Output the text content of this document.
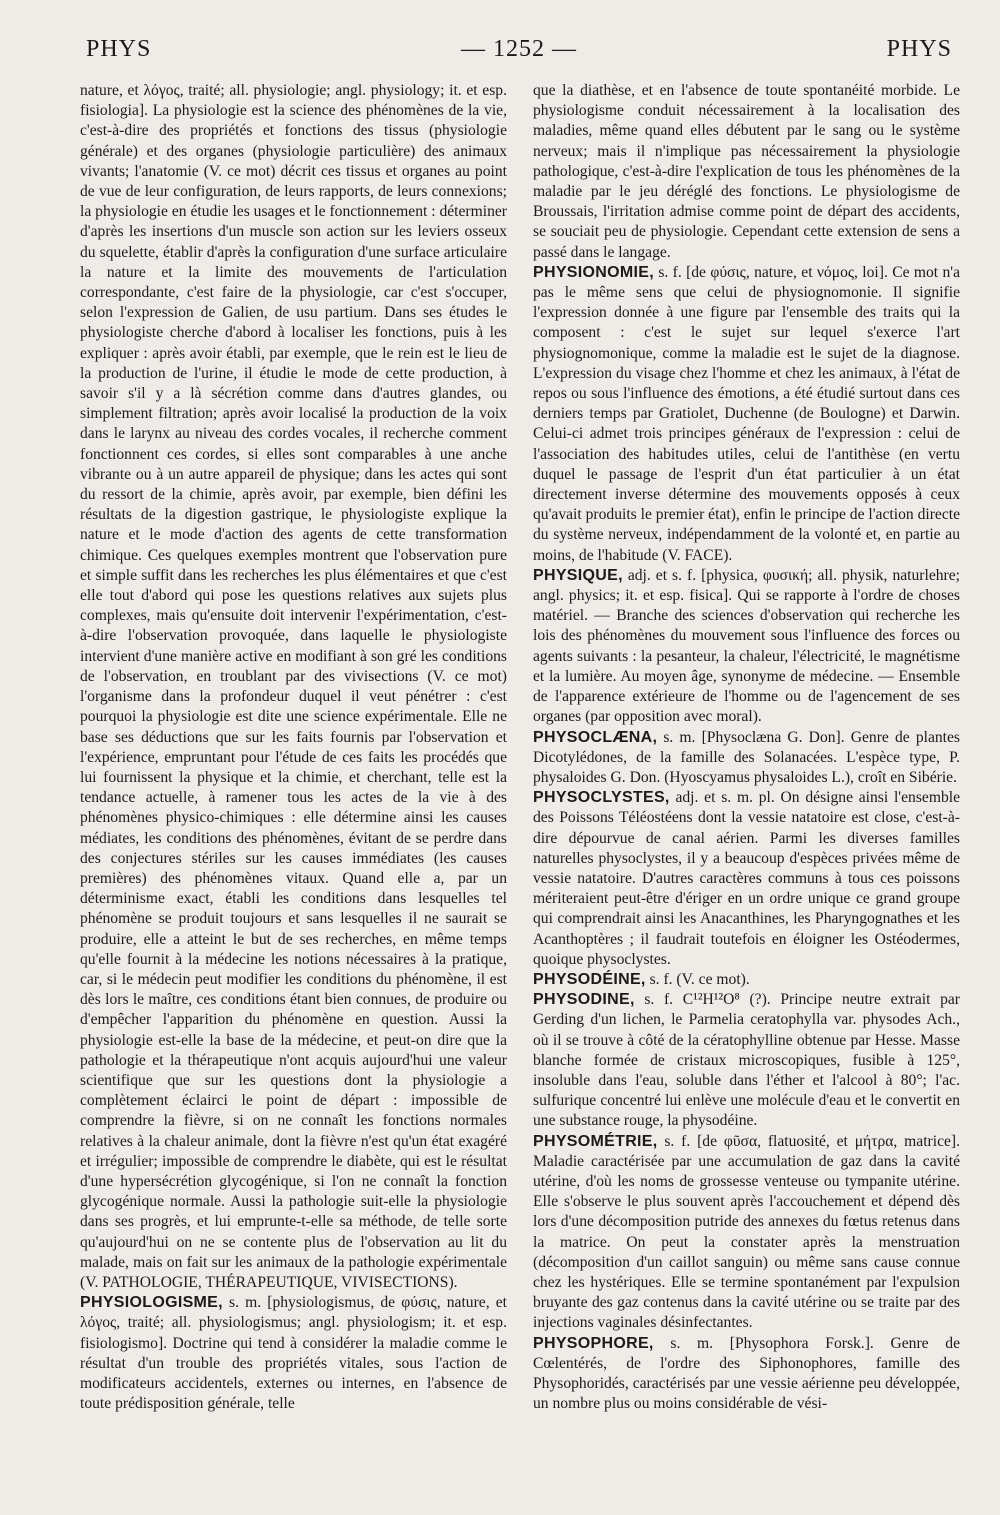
PHYS	— 1252 —	PHYS

nature, et λόγος, traité; all. physiologie; angl. physiology; it. et esp. fisiologia]. La physiologie est la science des phénomènes de la vie, c'est-à-dire des propriétés et fonctions des tissus (physiologie générale) et des organes (physiologie particulière) des animaux vivants; l'anatomie (V. ce mot) décrit ces tissus et organes au point de vue de leur configuration, de leurs rapports, de leurs connexions; la physiologie en étudie les usages et le fonctionnement : déterminer d'après les insertions d'un muscle son action sur les leviers osseux du squelette, établir d'après la configuration d'une surface articulaire la nature et la limite des mouvements de l'articulation correspondante, c'est faire de la physiologie, car c'est s'occuper, selon l'expression de Galien, de usu partium. Dans ses études le physiologiste cherche d'abord à localiser les fonctions, puis à les expliquer : après avoir établi, par exemple, que le rein est le lieu de la production de l'urine, il étudie le mode de cette production, à savoir s'il y a là sécrétion comme dans d'autres glandes, ou simplement filtration; après avoir localisé la production de la voix dans le larynx au niveau des cordes vocales, il recherche comment fonctionnent ces cordes, si elles sont comparables à une anche vibrante ou à un autre appareil de physique; dans les actes qui sont du ressort de la chimie, après avoir, par exemple, bien défini les résultats de la digestion gastrique, le physiologiste explique la nature et le mode d'action des agents de cette transformation chimique. Ces quelques exemples montrent que l'observation pure et simple suffit dans les recherches les plus élémentaires et que c'est elle tout d'abord qui pose les questions relatives aux sujets plus complexes, mais qu'ensuite doit intervenir l'expérimentation, c'est-à-dire l'observation provoquée, dans laquelle le physiologiste intervient d'une manière active en modifiant à son gré les conditions de l'observation, en troublant par des vivisections (V. ce mot) l'organisme dans la profondeur duquel il veut pénétrer : c'est pourquoi la physiologie est dite une science expérimentale. Elle ne base ses déductions que sur les faits fournis par l'observation et l'expérience, empruntant pour l'étude de ces faits les procédés que lui fournissent la physique et la chimie, et cherchant, telle est la tendance actuelle, à ramener tous les actes de la vie à des phénomènes physico-chimiques : elle détermine ainsi les causes médiates, les conditions des phénomènes, évitant de se perdre dans des conjectures stériles sur les causes immédiates (les causes premières) des phénomènes vitaux. Quand elle a, par un déterminisme exact, établi les conditions dans lesquelles tel phénomène se produit toujours et sans lesquelles il ne saurait se produire, elle a atteint le but de ses recherches, en même temps qu'elle fournit à la médecine les notions nécessaires à la pratique, car, si le médecin peut modifier les conditions du phénomène, il est dès lors le maître, ces conditions étant bien connues, de produire ou d'empêcher l'apparition du phénomène en question. Aussi la physiologie est-elle la base de la médecine, et peut-on dire que la pathologie et la thérapeutique n'ont acquis aujourd'hui une valeur scientifique que sur les questions dont la physiologie a complètement éclairci le point de départ : impossible de comprendre la fièvre, si on ne connaît les fonctions normales relatives à la chaleur animale, dont la fièvre n'est qu'un état exagéré et irrégulier; impossible de comprendre le diabète, qui est le résultat d'une hypersécrétion glycogénique, si l'on ne connaît la fonction glycogénique normale. Aussi la pathologie suit-elle la physiologie dans ses progrès, et lui emprunte-t-elle sa méthode, de telle sorte qu'aujourd'hui on ne se contente plus de l'observation au lit du malade, mais on fait sur les animaux de la pathologie expérimentale (V. PATHOLOGIE, THÉRAPEUTIQUE, VIVISECTIONS).

PHYSIOLOGISME, s. m. [physiologismus, de φύσις, nature, et λόγος, traité; all. physiologismus; angl. physiologism; it. et esp. fisiologismo]. Doctrine qui tend à considérer la maladie comme le résultat d'un trouble des propriétés vitales, sous l'action de modificateurs accidentels, externes ou internes, en l'absence de toute prédisposition générale, telle

que la diathèse, et en l'absence de toute spontanéité morbide. Le physiologisme conduit nécessairement à la localisation des maladies, même quand elles débutent par le sang ou le système nerveux; mais il n'implique pas nécessairement la physiologie pathologique, c'est-à-dire l'explication de tous les phénomènes de la maladie par le jeu déréglé des fonctions. Le physiologisme de Broussais, l'irritation admise comme point de départ des accidents, se souciait peu de physiologie. Cependant cette extension de sens a passé dans le langage.

PHYSIONOMIE, s. f. [de φύσις, nature, et νόμος, loi]. Ce mot n'a pas le même sens que celui de physiognomonie. Il signifie l'expression donnée à une figure par l'ensemble des traits qui la composent : c'est le sujet sur lequel s'exerce l'art physiognomonique, comme la maladie est le sujet de la diagnose. L'expression du visage chez l'homme et chez les animaux, à l'état de repos ou sous l'influence des émotions, a été étudié surtout dans ces derniers temps par Gratiolet, Duchenne (de Boulogne) et Darwin. Celui-ci admet trois principes généraux de l'expression : celui de l'association des habitudes utiles, celui de l'antithèse (en vertu duquel le passage de l'esprit d'un état particulier à un état directement inverse détermine des mouvements opposés à ceux qu'avait produits le premier état), enfin le principe de l'action directe du système nerveux, indépendamment de la volonté et, en partie au moins, de l'habitude (V. FACE).

PHYSIQUE, adj. et s. f. [physica, φυσική; all. physik, naturlehre; angl. physics; it. et esp. fisica]. Qui se rapporte à l'ordre de choses matériel. — Branche des sciences d'observation qui recherche les lois des phénomènes du mouvement sous l'influence des forces ou agents suivants : la pesanteur, la chaleur, l'électricité, le magnétisme et la lumière. Au moyen âge, synonyme de médecine. — Ensemble de l'apparence extérieure de l'homme ou de l'agencement de ses organes (par opposition avec moral).

PHYSOCLÆNA, s. m. [Physoclæna G. Don]. Genre de plantes Dicotylédones, de la famille des Solanacées. L'espèce type, P. physaloides G. Don. (Hyoscyamus physaloides L.), croît en Sibérie.

PHYSOCLYSTES, adj. et s. m. pl. On désigne ainsi l'ensemble des Poissons Téléostéens dont la vessie natatoire est close, c'est-à-dire dépourvue de canal aérien. Parmi les diverses familles naturelles physoclystes, il y a beaucoup d'espèces privées même de vessie natatoire. D'autres caractères communs à tous ces poissons mériteraient peut-être d'ériger en un ordre unique ce grand groupe qui comprendrait ainsi les Anacanthines, les Pharyngognathes et les Acanthoptères ; il faudrait toutefois en éloigner les Ostéodermes, quoique physoclystes.

PHYSODÉINE, s. f. (V. ce mot).

PHYSODINE, s. f. C¹²H¹²O⁸ (?). Principe neutre extrait par Gerding d'un lichen, le Parmelia ceratophylla var. physodes Ach., où il se trouve à côté de la cératophylline obtenue par Hesse. Masse blanche formée de cristaux microscopiques, fusible à 125°, insoluble dans l'eau, soluble dans l'éther et l'alcool à 80°; l'ac. sulfurique concentré lui enlève une molécule d'eau et le convertit en une substance rouge, la physodéine.

PHYSOMÉTRIE, s. f. [de φῦσα, flatuosité, et μήτρα, matrice]. Maladie caractérisée par une accumulation de gaz dans la cavité utérine, d'où les noms de grossesse venteuse ou tympanite utérine. Elle s'observe le plus souvent après l'accouchement et dépend dès lors d'une décomposition putride des annexes du fœtus retenus dans la matrice. On peut la constater après la menstruation (décomposition d'un caillot sanguin) ou même sans cause connue chez les hystériques. Elle se termine spontanément par l'expulsion bruyante des gaz contenus dans la cavité utérine ou se traite par des injections vaginales désinfectantes.

PHYSOPHORE, s. m. [Physophora Forsk.]. Genre de Cœlentérés, de l'ordre des Siphonophores, famille des Physophoridés, caractérisés par une vessie aérienne peu développée, un nombre plus ou moins considérable de vési-
